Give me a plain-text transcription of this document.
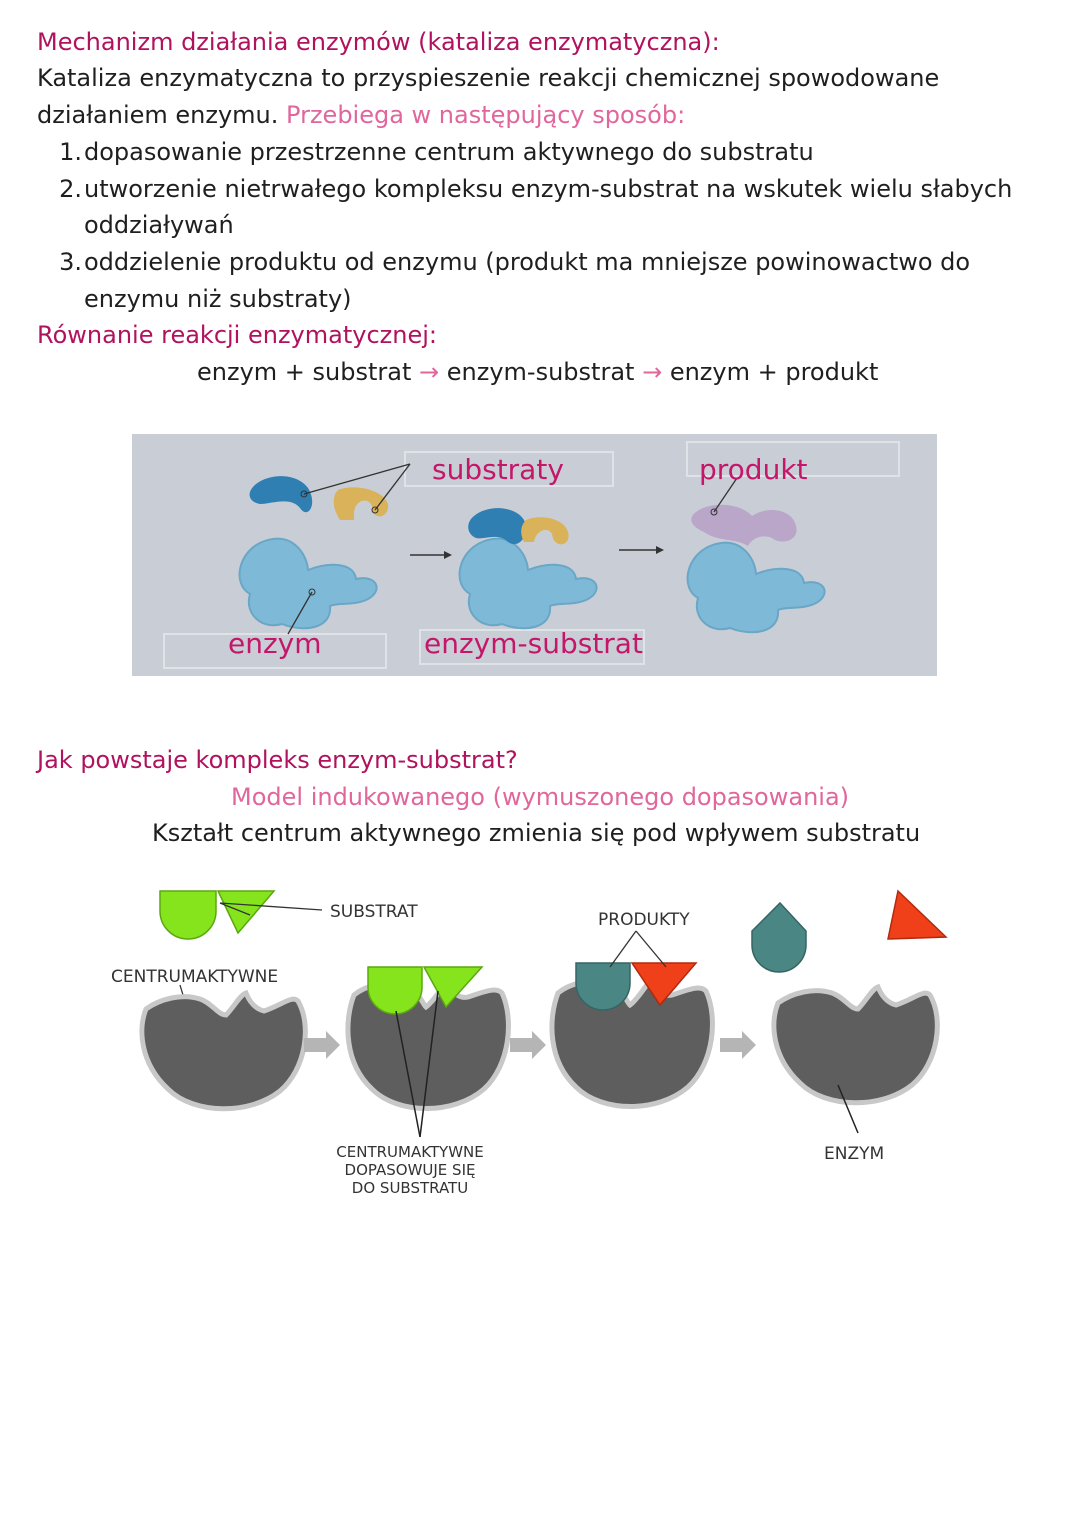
Mechanizm działania enzymów (kataliza enzymatyczna):
Kataliza enzymatyczna to przyspieszenie reakcji chemicznej spowodowane
działaniem enzymu. Przebiega w następujący sposób:
1.dopasowanie przestrzenne centrum aktywnego do substratu
2.utworzenie nietrwałego kompleksu enzym-substrat na wskutek wielu słabych
oddziaływań
3.oddzielenie produktu od enzymu (produkt ma mniejsze powinowactwo do
enzymu niż substraty)
Równanie reakcji enzymatycznej:
enzym + substrat → enzym-substrat → enzym + produkt
substraty	produkt
enzym	enzym-substrat
Jak powstaje kompleks enzym-substrat?
Model indukowanego (wymuszonego dopasowania)
Kształt centrum aktywnego zmienia się pod wpływem substratu
SUBSTRAT
CENTRUMAKTYWNE
CENTRUMAKTYWNE
DOPASOWUJE SIĘ
DO SUBSTRATU
PRODUKTY
ENZYM
